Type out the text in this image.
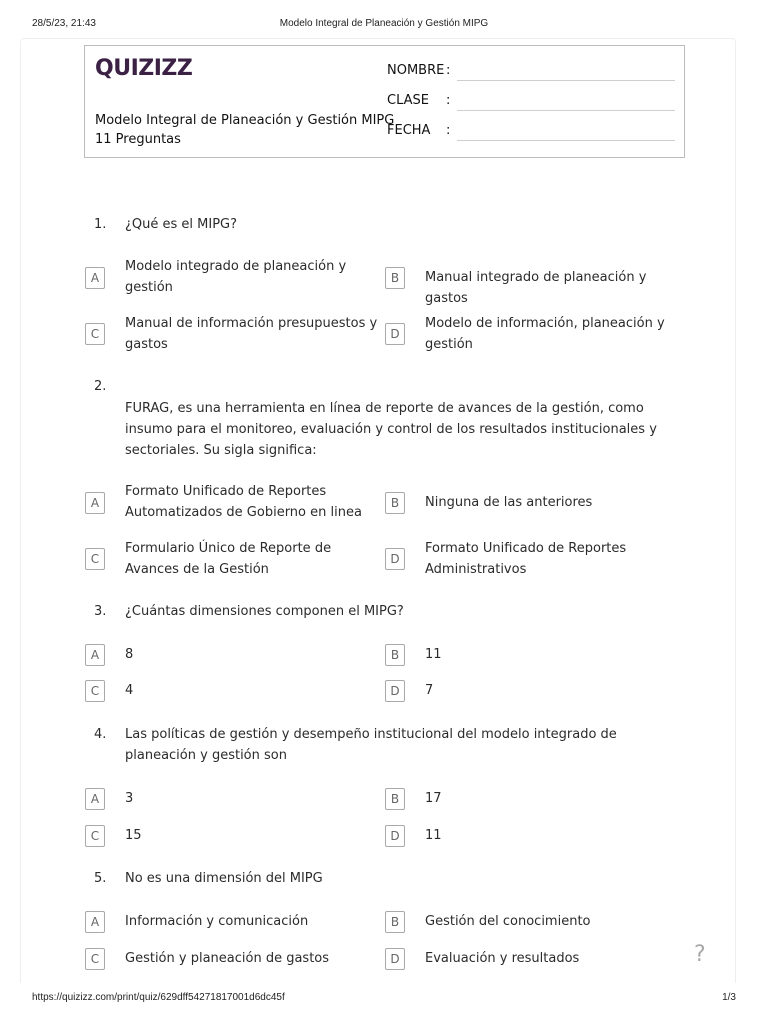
28/5/23, 21:43	Modelo Integral de Planeación y Gestión MIPG
QUIZIZZ
Modelo Integral de Planeación y Gestión MIPG
11 Preguntas
NOMBRE :
CLASE :
FECHA :
1. ¿Qué es el MIPG?
A
Modelo integrado de planeación y gestión
B	Manual integrado de planeación y gastos
C
Manual de información presupuestos y gastos
D
Modelo de información, planeación y gestión
2.
FURAG, es una herramienta en línea de reporte de avances de la gestión, como insumo para el monitoreo, evaluación y control de los resultados institucionales y sectoriales. Su sigla significa:
A
Formato Unificado de Reportes Automatizados de Gobierno en linea
B	Ninguna de las anteriores
C
Formulario Único de Reporte de Avances de la Gestión
D
Formato Unificado de Reportes Administrativos
3. ¿Cuántas dimensiones componen el MIPG?
A	8	B	11
C	4	D	7
4. Las políticas de gestión y desempeño institucional del modelo integrado de planeación y gestión son
A	3	B	17
C	15	D	11
5. No es una dimensión del MIPG
A	Información y comunicación	B	Gestión del conocimiento
C	Gestión y planeación de gastos	D	Evaluación y resultados	?
https://quizizz.com/print/quiz/629dff54271817001d6dc45f	1/3
